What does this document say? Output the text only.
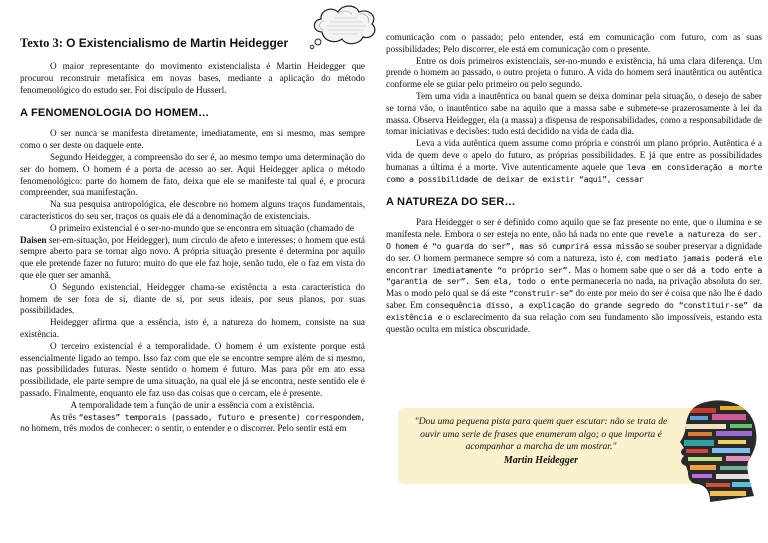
Texto 3: O Existencialismo de Martin Heidegger

O maior representante do movimento existencialista é Martin Heidegger que procurou reconstruir metafísica em novas bases, mediante a aplicação do método fenomenológico do estudo ser. Foi discípulo de Husserl.

A FENOMENOLOGIA DO HOMEM…

O ser nunca se manifesta diretamente, imediatamente, em si mesmo, mas sempre como o ser deste ou daquele ente.

Segundo Heidegger, a compreensão do ser é, ao mesmo tempo uma determinação do ser do homem. O homem é a porta de acesso ao ser. Aqui Heidegger aplica o método fenomenológico: parte do homem de fato, deixa que ele se manifeste tal qual é, e procura compreender, sua manifestação.

Na sua pesquisa antropológica, ele descobre no homem alguns traços fundamentais, característicos do seu ser, traços os quais ele dá a denominação de existenciais.

O primeiro existencial é o ser-no-mundo que se encontra em situação (chamado de
Daisen ser-em-situação, por Heidegger), num círculo de afeto e interesses; o homem que está sempre aberto para se tornar algo novo. A própria situação presente é determina por aquilo que ele pretende fazer no futuro: muito do que ele faz hoje, senão tudo, ele o faz em vista do que ele quer ser amanhã.

O Segundo existencial, Heidegger chama-se existência a esta característica do homem de ser fora de si, diante de si, por seus ideais, por seus planos, por suas possibilidades.

Heidegger afirma que a essência, isto é, a natureza do homem, consiste na sua existência.

O terceiro existencial é a temporalidade. O homem é um existente porque está essencialmente ligado ao tempo. Isso faz com que ele se encontre sempre além de si mesmo, nas possibilidades futuras. Neste sentido o homem é futuro. Mas para pôr em ato essa possibilidade, ele parte sempre de uma situação, na qual ele já se encontra, neste sentido ele é passado. Finalmente, enquanto ele faz uso das coisas que o cercam, ele é presente.

A temporalidade tem a função de unir a essência com a existência.

As três “estases” temporais (passado, futuro e presente) correspondem, no homem, três modos de conhecer: o sentir, o entender e o discorrer. Pelo sentir está em

comunicação com o passado; pelo entender, está em comunicação com futuro, com as suas possibilidades; Pelo discorrer, ele está em comunicação com o presente.

Entre os dois primeiros existenciais, ser-no-mundo e existência, há uma clara diferença. Um prende o homem ao passado, o outro projeta o futuro. A vida do homem será inautêntica ou autêntica conforme ele se guiar pelo primeiro ou pelo segundo.

Tem uma vida a inautêntica ou banal quem se deixa dominar pela situação, o desejo de saber se torna vão, o inautêntico sabe na aquilo que a massa sabe e submete-se prazerosamente à lei da massa. Observa Heidegger, ela (a massa) a dispensa de responsabilidades, como a responsabilidade de tomar iniciativas e decisões: tudo está decidido na vida de cada dia.

Leva a vida autêntica quem assume como própria e constrói um plano próprio. Autêntica é a vida de quem deve o apelo do futuro, as próprias possibilidades. E já que entre as possibilidades humanas a última é a morte. Vive autenticamente aquele que leva em consideração a morte como a possibilidade de deixar de existir “aqui”, cessar

A NATUREZA DO SER…

Para Heidegger o ser é definido como aquilo que se faz presente no ente, que o ilumina e se manifesta nele. Embora o ser esteja no ente, não há nada no ente que revele a natureza do ser. O homem é “o guarda do ser”, mas só cumprirá essa missão se souber preservar a dignidade do ser. O homem permanece sempre só com a natureza, isto é, com mediato jamais poderá ele encontrar imediatamente “o próprio ser”. Mas o homem sabe que o ser dá a todo ente a “garantia de ser”. Sem ela, todo o ente permaneceria no nada, na privação absoluta do ser. Mas o modo pelo qual se dá este “construir-se” do ente por meio do ser é coisa que não lhe é dado saber. Em consequência disso, a explicação do grande segredo do “constituir-se” da existência e o esclarecimento da sua relação com seu fundamento são impossíveis, estando esta questão oculta em mística obscuridade.

"Dou uma pequena pista para quem quer escutar: não se trata de ouvir uma serie de frases que enumeram algo; o que importa é acompanhar a marcha de um mostrar."
Martin Heidegger
